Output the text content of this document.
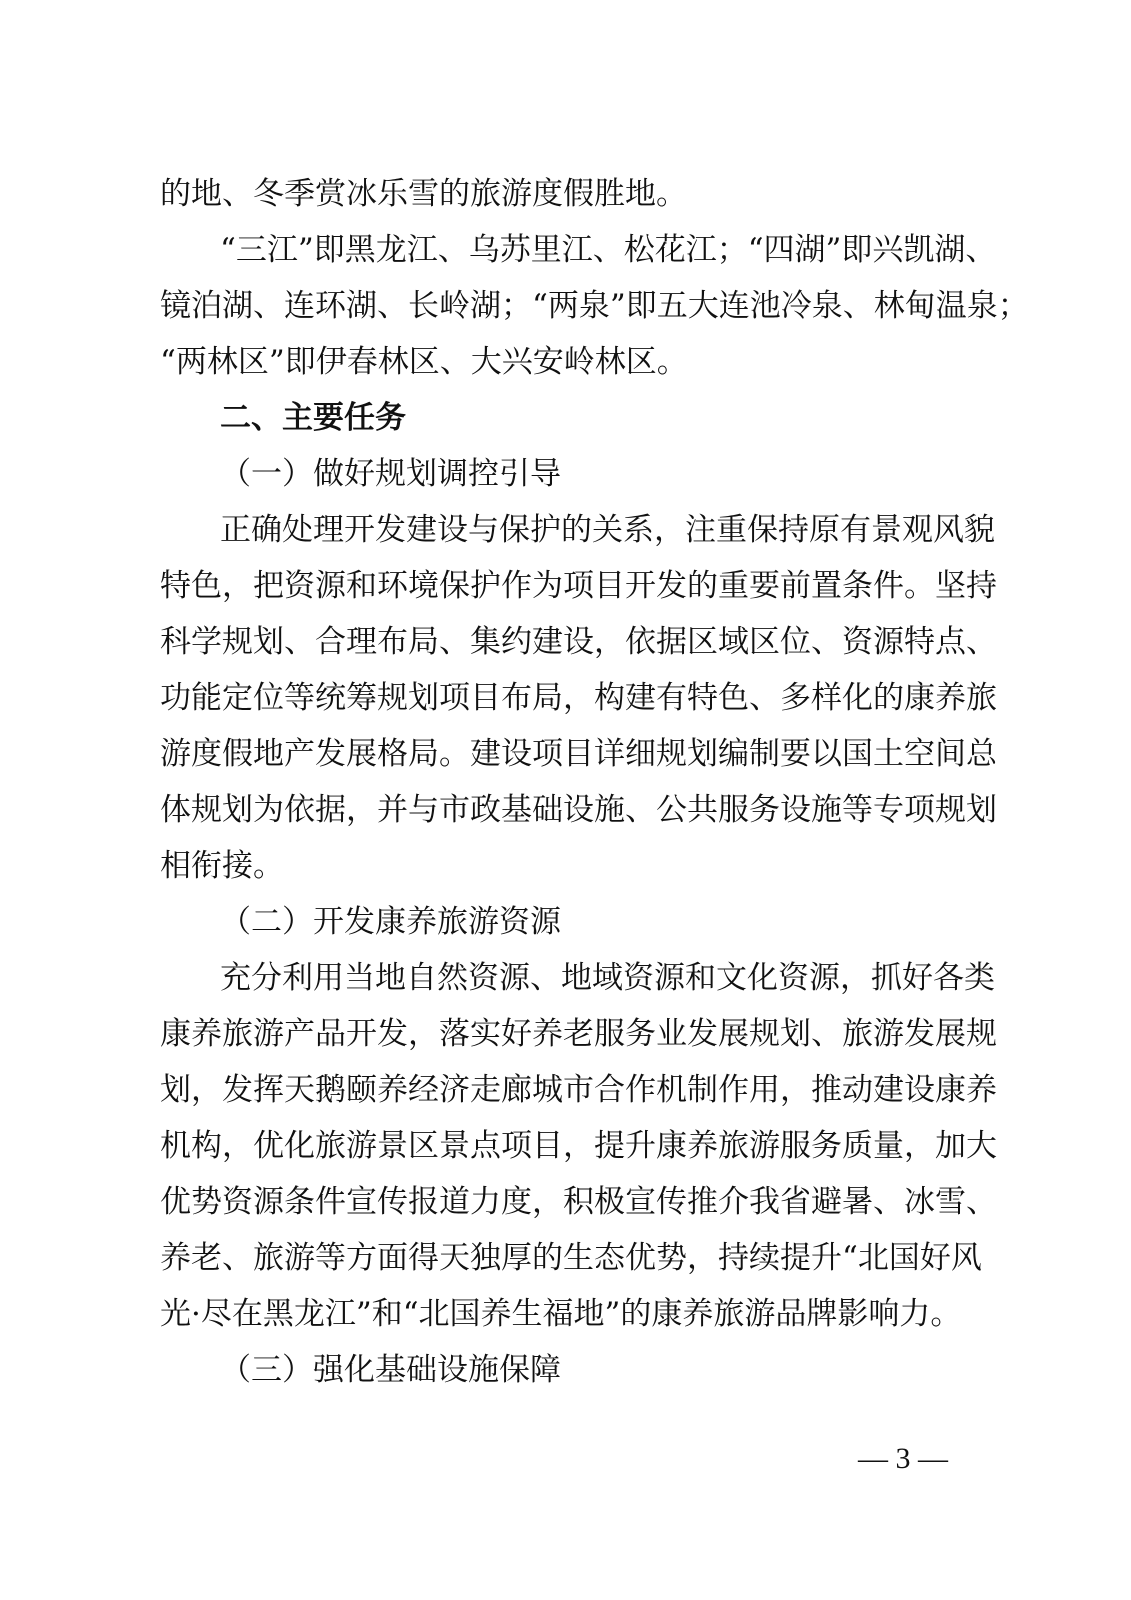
的地、冬季赏冰乐雪的旅游度假胜地。
“三江”即黑龙江、乌苏里江、松花江；“四湖”即兴凯湖、
镜泊湖、连环湖、长岭湖；“两泉”即五大连池冷泉、林甸温泉；
“两林区”即伊春林区、大兴安岭林区。
二、主要任务
（一）做好规划调控引导
正确处理开发建设与保护的关系，注重保持原有景观风貌
特色，把资源和环境保护作为项目开发的重要前置条件。坚持
科学规划、合理布局、集约建设，依据区域区位、资源特点、
功能定位等统筹规划项目布局，构建有特色、多样化的康养旅
游度假地产发展格局。建设项目详细规划编制要以国土空间总
体规划为依据，并与市政基础设施、公共服务设施等专项规划
相衔接。
（二）开发康养旅游资源
充分利用当地自然资源、地域资源和文化资源，抓好各类
康养旅游产品开发，落实好养老服务业发展规划、旅游发展规
划，发挥天鹅颐养经济走廊城市合作机制作用，推动建设康养
机构，优化旅游景区景点项目，提升康养旅游服务质量，加大
优势资源条件宣传报道力度，积极宣传推介我省避暑、冰雪、
养老、旅游等方面得天独厚的生态优势，持续提升“北国好风
光·尽在黑龙江”和“北国养生福地”的康养旅游品牌影响力。
（三）强化基础设施保障
— 3 —
